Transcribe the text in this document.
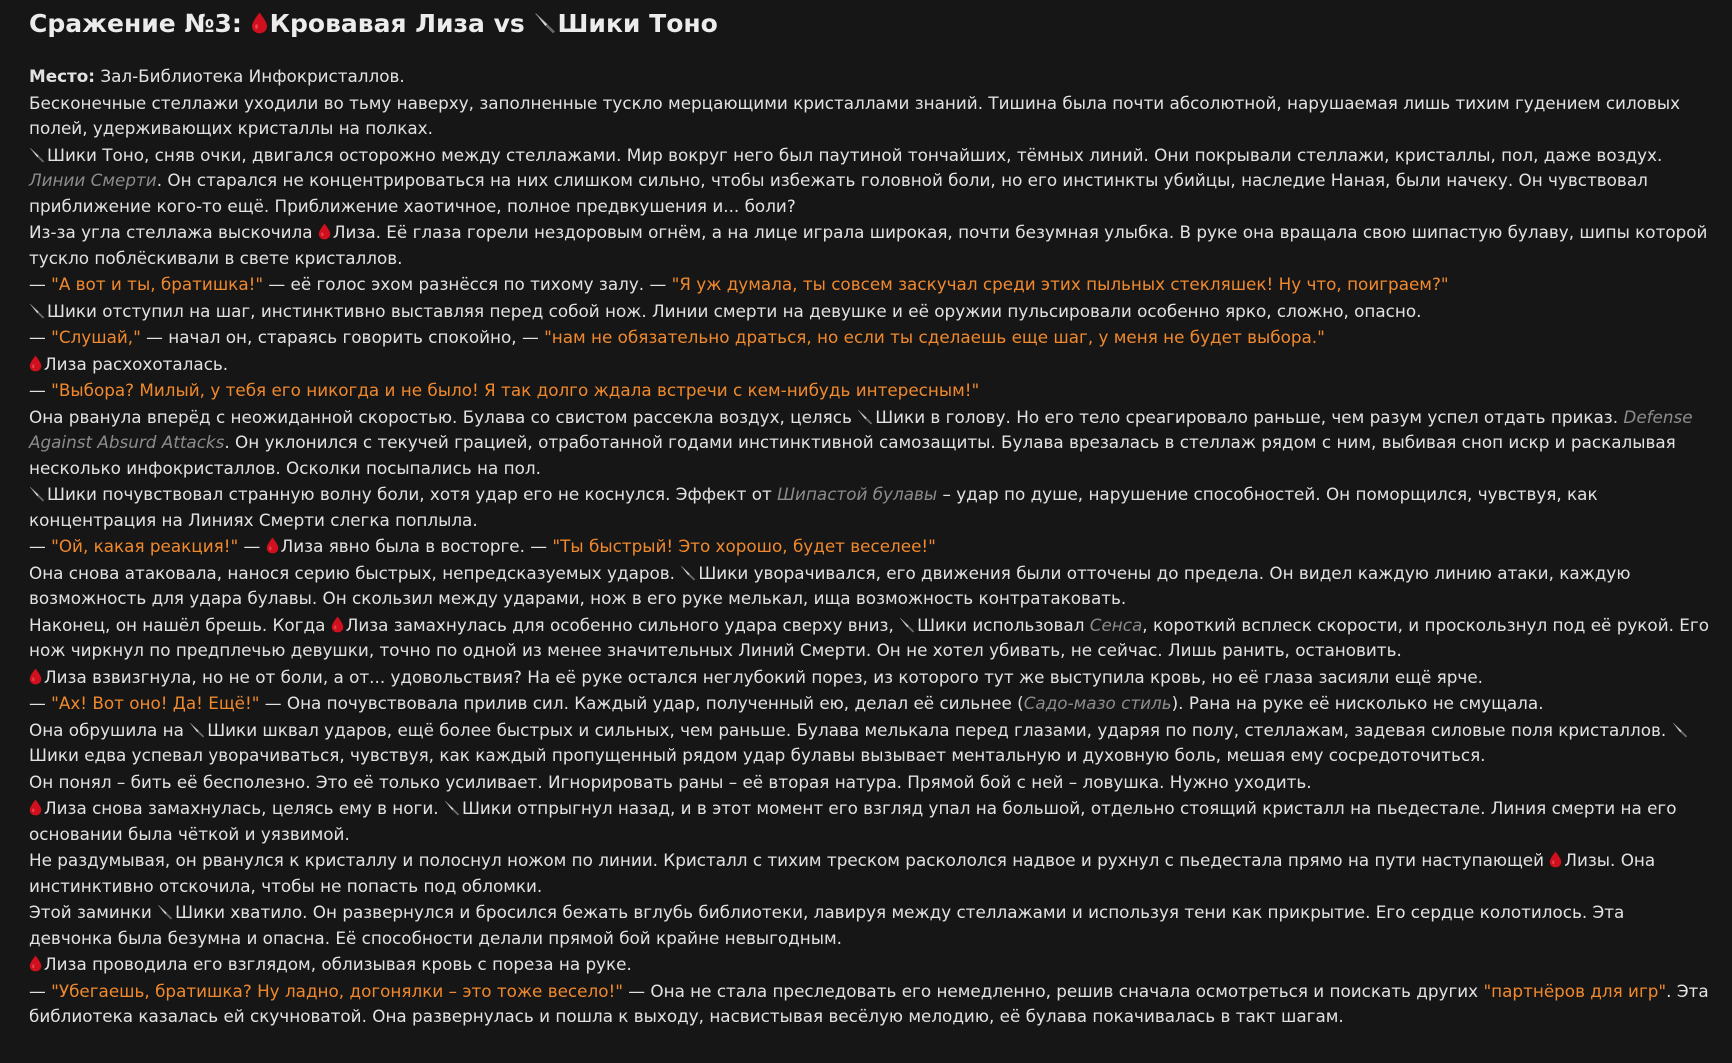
Сражение №3: Кровавая Лиза vs Шики Тоно

Место: Зал-Библиотека Инфокристаллов.

Бесконечные стеллажи уходили во тьму наверху, заполненные тускло мерцающими кристаллами знаний. Тишина была почти абсолютной, нарушаемая лишь тихим гудением силовых полей, удерживающих кристаллы на полках.

Шики Тоно, сняв очки, двигался осторожно между стеллажами. Мир вокруг него был паутиной тончайших, тёмных линий. Они покрывали стеллажи, кристаллы, пол, даже воздух. Линии Смерти. Он старался не концентрироваться на них слишком сильно, чтобы избежать головной боли, но его инстинкты убийцы, наследие Наная, были начеку. Он чувствовал приближение кого-то ещё. Приближение хаотичное, полное предвкушения и... боли?

Из-за угла стеллажа выскочила
Лиза. Её глаза горели нездоровым огнём, а на лице играла широкая, почти безумная улыбка. В руке она вращала свою шипастую булаву, шипы которой тускло поблёскивали в свете кристаллов.

— "А вот и ты, братишка!" — её голос эхом разнёсся по тихому залу. — "Я уж думала, ты совсем заскучал среди этих пыльных стекляшек! Ну что, поиграем?"

Шики отступил на шаг, инстинктивно выставляя перед собой нож. Линии смерти на девушке и её оружии пульсировали особенно ярко, сложно, опасно.

— "Слушай," — начал он, стараясь говорить спокойно, — "нам не обязательно драться, но если ты сделаешь еще шаг, у меня не будет выбора."

Лиза расхохоталась.

— "Выбора? Милый, у тебя его никогда и не было! Я так долго ждала встречи с кем-нибудь интересным!"

Она рванула вперёд с неожиданной скоростью. Булава со свистом рассекла воздух, целясь
Шики в голову. Но его тело среагировало раньше, чем разум успел отдать приказ. Defense Against Absurd Attacks. Он уклонился с текучей грацией, отработанной годами инстинктивной самозащиты. Булава врезалась в стеллаж рядом с ним, выбивая сноп искр и раскалывая несколько инфокристаллов. Осколки посыпались на пол.

Шики почувствовал странную волну боли, хотя удар его не коснулся. Эффект от Шипастой булавы – удар по душе, нарушение способностей. Он поморщился, чувствуя, как концентрация на Линиях Смерти слегка поплыла.

— "Ой, какая реакция!" —
Лиза явно была в восторге. — "Ты быстрый! Это хорошо, будет веселее!"

Она снова атаковала, нанося серию быстрых, непредсказуемых ударов.
Шики уворачивался, его движения были отточены до предела. Он видел каждую линию атаки, каждую возможность для удара булавы. Он скользил между ударами, нож в его руке мелькал, ища возможность контратаковать.

Наконец, он нашёл брешь. Когда
Лиза замахнулась для особенно сильного удара сверху вниз,
Шики использовал Сенса, короткий всплеск скорости, и проскользнул под её рукой. Его нож чиркнул по предплечью девушки, точно по одной из менее значительных Линий Смерти. Он не хотел убивать, не сейчас. Лишь ранить, остановить.

Лиза взвизгнула, но не от боли, а от... удовольствия? На её руке остался неглубокий порез, из которого тут же выступила кровь, но её глаза засияли ещё ярче.

— "Ах! Вот оно! Да! Ещё!" — Она почувствовала прилив сил. Каждый удар, полученный ею, делал её сильнее (Садо-мазо стиль). Рана на руке её нисколько не смущала.

Она обрушила на
Шики шквал ударов, ещё более быстрых и сильных, чем раньше. Булава мелькала перед глазами, ударяя по полу, стеллажам, задевая силовые поля кристаллов.
Шики едва успевал уворачиваться, чувствуя, как каждый пропущенный рядом удар булавы вызывает ментальную и духовную боль, мешая ему сосредоточиться.

Он понял – бить её бесполезно. Это её только усиливает. Игнорировать раны – её вторая натура. Прямой бой с ней – ловушка. Нужно уходить.

Лиза снова замахнулась, целясь ему в ноги.
Шики отпрыгнул назад, и в этот момент его взгляд упал на большой, отдельно стоящий кристалл на пьедестале. Линия смерти на его основании была чёткой и уязвимой.

Не раздумывая, он рванулся к кристаллу и полоснул ножом по линии. Кристалл с тихим треском раскололся надвое и рухнул с пьедестала прямо на пути наступающей
Лизы. Она инстинктивно отскочила, чтобы не попасть под обломки.

Этой заминки
Шики хватило. Он развернулся и бросился бежать вглубь библиотеки, лавируя между стеллажами и используя тени как прикрытие. Его сердце колотилось. Эта девчонка была безумна и опасна. Её способности делали прямой бой крайне невыгодным.

Лиза проводила его взглядом, облизывая кровь с пореза на руке.

— "Убегаешь, братишка? Ну ладно, догонялки – это тоже весело!" — Она не стала преследовать его немедленно, решив сначала осмотреться и поискать других "партнёров для игр". Эта библиотека казалась ей скучноватой. Она развернулась и пошла к выходу, насвистывая весёлую мелодию, её булава покачивалась в такт шагам.
